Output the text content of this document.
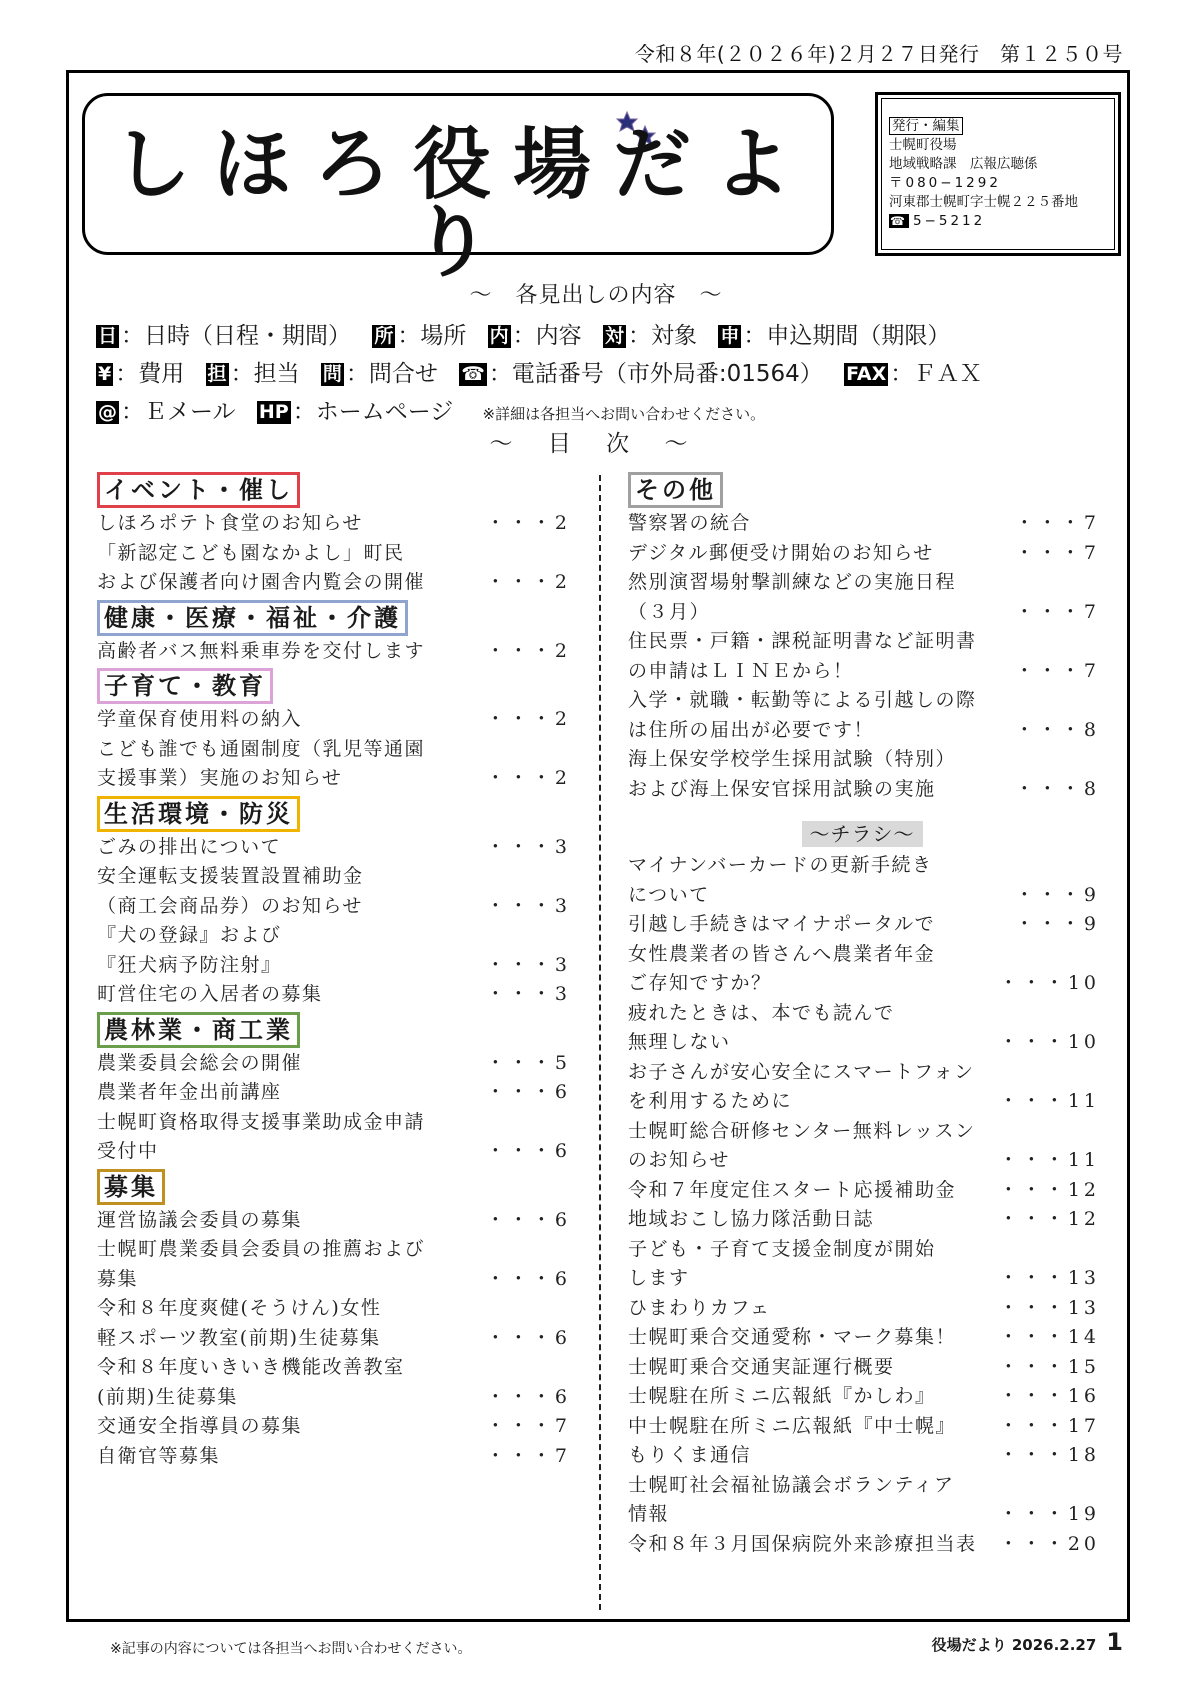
令和８年(２０２６年)２月２７日発行　第１２５０号
しほろ役場だより
発行・編集
士幌町役場
地域戦略課　広報広聴係
〒080−1292
河東郡士幌町字士幌２２５番地
☎ 5−5212
～　各見出しの内容　～
日 ：日時（日程・期間） 所 ：場所 内 ：内容 対 ：対象 申 ：申込期間（期限）
¥ ：費用 担 ：担当 問 ：問合せ ☎ ：電話番号（市外局番:01564） FAX ：ＦＡＸ
@ ：Ｅメール HP ：ホームページ ※詳細は各担当へお問い合わせください。
～ 目 次 ～
イベント・催し
しほろポテト食堂のお知らせ	・・・2
「新認定こども園なかよし」町民
および保護者向け園舎内覧会の開催	・・・2
健康・医療・福祉・介護
高齢者バス無料乗車券を交付します	・・・2
子育て・教育
学童保育使用料の納入	・・・2
こども誰でも通園制度（乳児等通園
支援事業）実施のお知らせ	・・・2
生活環境・防災
ごみの排出について	・・・3
安全運転支援装置設置補助金
（商工会商品券）のお知らせ	・・・3
『犬の登録』および
『狂犬病予防注射』	・・・3
町営住宅の入居者の募集	・・・3
農林業・商工業
農業委員会総会の開催	・・・5
農業者年金出前講座	・・・6
士幌町資格取得支援事業助成金申請
受付中	・・・6
募集
運営協議会委員の募集	・・・6
士幌町農業委員会委員の推薦および
募集	・・・6
令和８年度爽健(そうけん)女性
軽スポーツ教室(前期)生徒募集	・・・6
令和８年度いきいき機能改善教室
(前期)生徒募集	・・・6
交通安全指導員の募集	・・・7
自衛官等募集	・・・7
その他
警察署の統合	・・・7
デジタル郵便受け開始のお知らせ	・・・7
然別演習場射撃訓練などの実施日程
（３月）	・・・7
住民票・戸籍・課税証明書など証明書
の申請はＬＩＮＥから！	・・・7
入学・就職・転勤等による引越しの際
は住所の届出が必要です！	・・・8
海上保安学校学生採用試験（特別）
および海上保安官採用試験の実施	・・・8
～チラシ～
マイナンバーカードの更新手続き
について	・・・9
引越し手続きはマイナポータルで	・・・9
女性農業者の皆さんへ農業者年金
ご存知ですか？	・・・10
疲れたときは、本でも読んで
無理しない	・・・10
お子さんが安心安全にスマートフォン
を利用するために	・・・11
士幌町総合研修センター無料レッスン
のお知らせ	・・・11
令和７年度定住スタート応援補助金 ・・・12
地域おこし協力隊活動日誌	・・・12
子ども・子育て支援金制度が開始
します	・・・13
ひまわりカフェ	・・・13
士幌町乗合交通愛称・マーク募集！ ・・・14
士幌町乗合交通実証運行概要	・・・15
士幌駐在所ミニ広報紙『かしわ』	・・・16
中士幌駐在所ミニ広報紙『中士幌』 ・・・17
もりくま通信	・・・18
士幌町社会福祉協議会ボランティア
情報	・・・19
令和８年３月国保病院外来診療担当表 ・・・20
※記事の内容については各担当へお問い合わせください。	役場だより 2026.2.27 1
